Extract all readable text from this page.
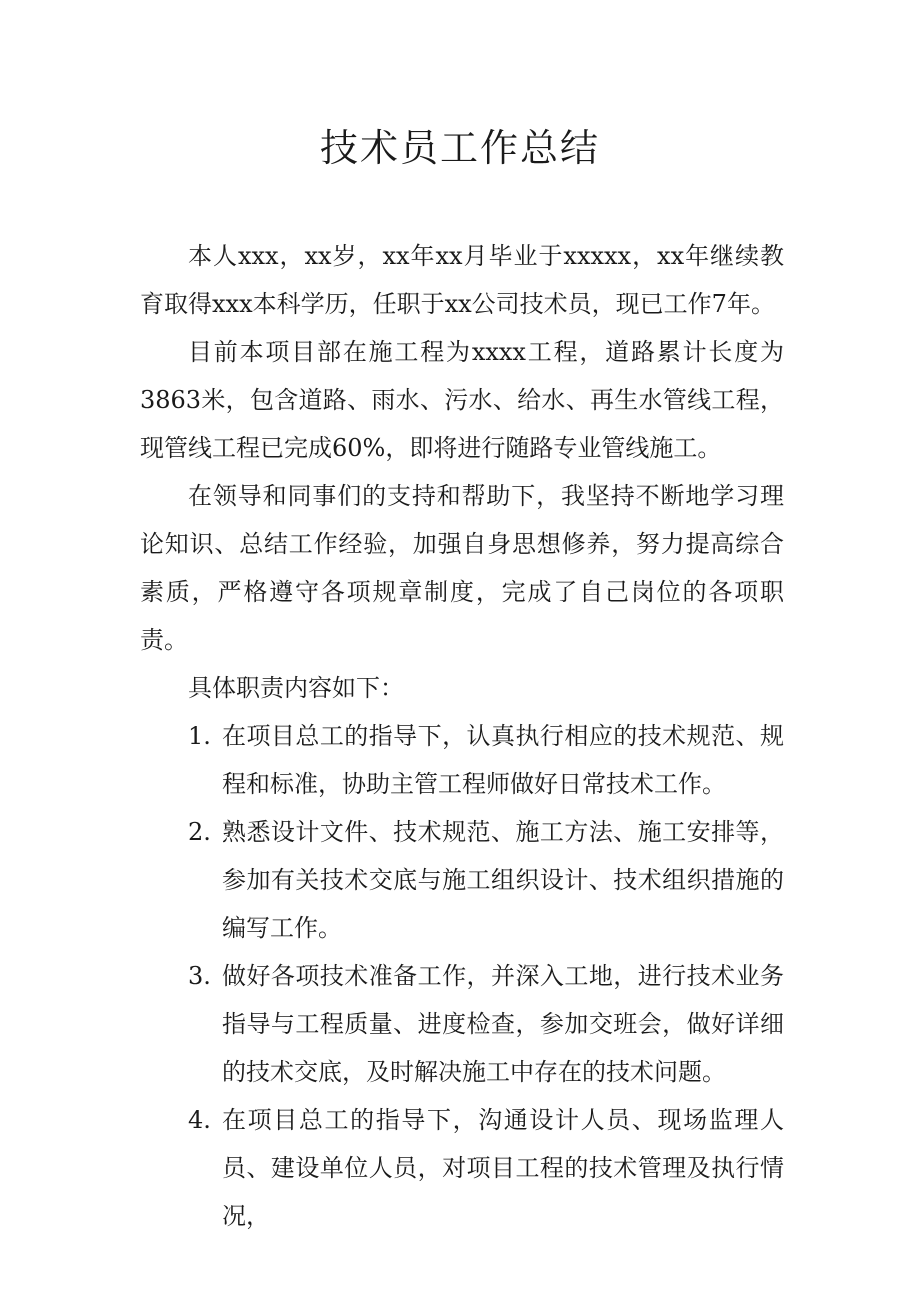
技术员工作总结

本人xxx，xx岁，xx年xx月毕业于xxxxx，xx年继续教育取得xxx本科学历，任职于xx公司技术员，现已工作7年。

目前本项目部在施工程为xxxx工程，道路累计长度为3863米，包含道路、雨水、污水、给水、再生水管线工程，现管线工程已完成60%，即将进行随路专业管线施工。

在领导和同事们的支持和帮助下，我坚持不断地学习理论知识、总结工作经验，加强自身思想修养，努力提高综合素质，严格遵守各项规章制度，完成了自己岗位的各项职责。

具体职责内容如下：

1. 在项目总工的指导下，认真执行相应的技术规范、规程和标准，协助主管工程师做好日常技术工作。
2. 熟悉设计文件、技术规范、施工方法、施工安排等，参加有关技术交底与施工组织设计、技术组织措施的编写工作。
3. 做好各项技术准备工作，并深入工地，进行技术业务指导与工程质量、进度检查，参加交班会，做好详细的技术交底，及时解决施工中存在的技术问题。
4. 在项目总工的指导下，沟通设计人员、现场监理人员、建设单位人员，对项目工程的技术管理及执行情况，
